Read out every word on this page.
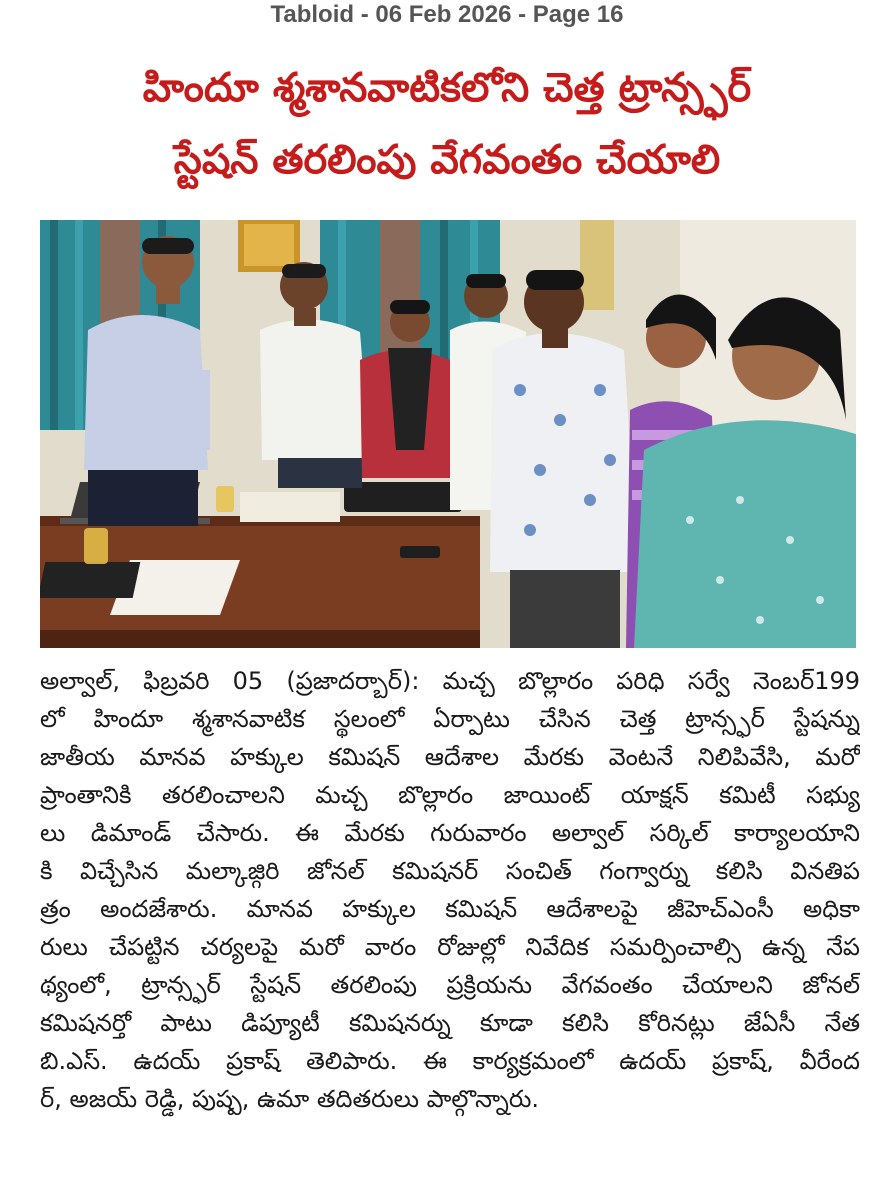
Tabloid - 06 Feb 2026 - Page 16
హిందూ శ్మశానవాటికలోని చెత్త ట్రాన్స్ఫర్
స్టేషన్ తరలింపు వేగవంతం చేయాలి
అల్వాల్, ఫిబ్రవరి 05 (ప్రజాదర్బార్): మచ్చ బొల్లారం పరిధి సర్వే నెంబర్199
లో హిందూ శ్మశానవాటిక స్థలంలో ఏర్పాటు చేసిన చెత్త ట్రాన్స్ఫర్ స్టేషన్ను
జాతీయ మానవ హక్కుల కమిషన్ ఆదేశాల మేరకు వెంటనే నిలిపివేసి, మరో
ప్రాంతానికి తరలించాలని మచ్చ బొల్లారం జాయింట్ యాక్షన్ కమిటీ సభ్యు
లు డిమాండ్ చేసారు. ఈ మేరకు గురువారం అల్వాల్ సర్కిల్ కార్యాలయాని
కి విచ్చేసిన మల్కాజ్గిరి జోనల్ కమిషనర్ సంచిత్ గంగ్వార్ను కలిసి వినతిప
త్రం అందజేశారు. మానవ హక్కుల కమిషన్ ఆదేశాలపై జీహెచ్ఎంసీ అధికా
రులు చేపట్టిన చర్యలపై మరో వారం రోజుల్లో నివేదిక సమర్పించాల్సి ఉన్న నేప
థ్యంలో, ట్రాన్స్ఫర్ స్టేషన్ తరలింపు ప్రక్రియను వేగవంతం చేయాలని జోనల్
కమిషనర్తో పాటు డిప్యూటీ కమిషనర్ను కూడా కలిసి కోరినట్లు జేఏసీ నేత
బి.ఎస్. ఉదయ్ ప్రకాష్ తెలిపారు. ఈ కార్యక్రమంలో ఉదయ్ ప్రకాష్, వీరేంద
ర్, అజయ్ రెడ్డి, పుష్ప, ఉమా తదితరులు పాల్గొన్నారు.
